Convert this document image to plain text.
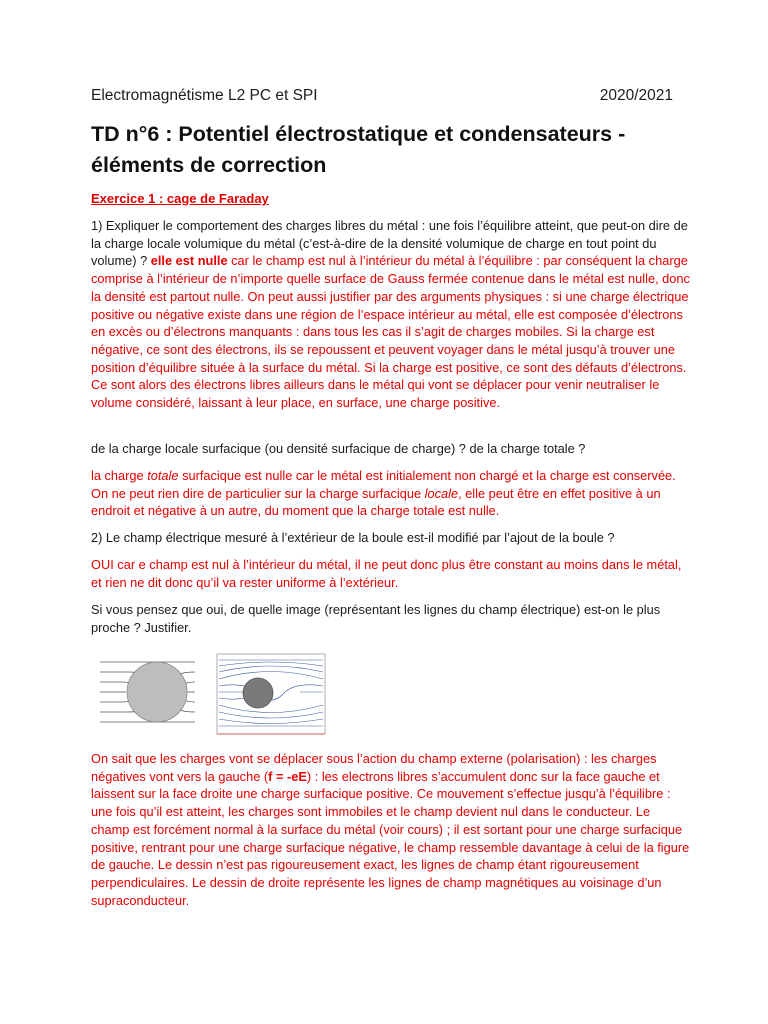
Electromagnétisme L2 PC et SPI	2020/2021
TD n°6 : Potentiel électrostatique et condensateurs - éléments de correction
Exercice 1 : cage de Faraday

1) Expliquer le comportement des charges libres du métal : une fois l’équilibre atteint, que peut-on dire de la charge locale volumique du métal (c’est-à-dire de la densité volumique de charge en tout point du volume) ? elle est nulle car le champ est nul à l’intérieur du métal à l’équilibre : par conséquent la charge comprise à l’intérieur de n’importe quelle surface de Gauss fermée contenue dans le métal est nulle, donc la densité est partout nulle. On peut aussi justifier par des arguments physiques : si une charge électrique positive ou négative existe dans une région de l’espace intérieur au métal, elle est composée d’électrons en excès ou d’électrons manquants : dans tous les cas il s’agit de charges mobiles. Si la charge est négative, ce sont des électrons, ils se repoussent et peuvent voyager dans le métal jusqu’à trouver une position d’équilibre située à la surface du métal. Si la charge est positive, ce sont des défauts d’électrons. Ce sont alors des électrons libres ailleurs dans le métal qui vont se déplacer pour venir neutraliser le volume considéré, laissant à leur place, en surface, une charge positive.

de la charge locale surfacique (ou densité surfacique de charge) ? de la charge totale ?

la charge totale surfacique est nulle car le métal est initialement non chargé et la charge est conservée. On ne peut rien dire de particulier sur la charge surfacique locale, elle peut être en effet positive à un endroit et négative à un autre, du moment que la charge totale est nulle.

2) Le champ électrique mesuré à l’extérieur de la boule est-il modifié par l’ajout de la boule ?

OUI car e champ est nul à l’intérieur du métal, il ne peut donc plus être constant au moins dans le métal, et rien ne dit donc qu’il va rester uniforme à l’extérieur.

Si vous pensez que oui, de quelle image (représentant les lignes du champ électrique) est-on le plus proche ? Justifier.

On sait que les charges vont se déplacer sous l’action du champ externe (polarisation) : les charges négatives vont vers la gauche (f = -eE) : les electrons libres s’accumulent donc sur la face gauche et laissent sur la face droite une charge surfacique positive. Ce mouvement s’effectue jusqu’à l’équilibre : une fois qu’il est atteint, les charges sont immobiles et le champ devient nul dans le conducteur. Le champ est forcément normal à la surface du métal (voir cours) ; il est sortant pour une charge surfacique positive, rentrant pour une charge surfacique négative, le champ ressemble davantage à celui de la figure de gauche. Le dessin n’est pas rigoureusement exact, les lignes de champ étant rigoureusement perpendiculaires. Le dessin de droite représente les lignes de champ magnétiques au voisinage d’un supraconducteur.
